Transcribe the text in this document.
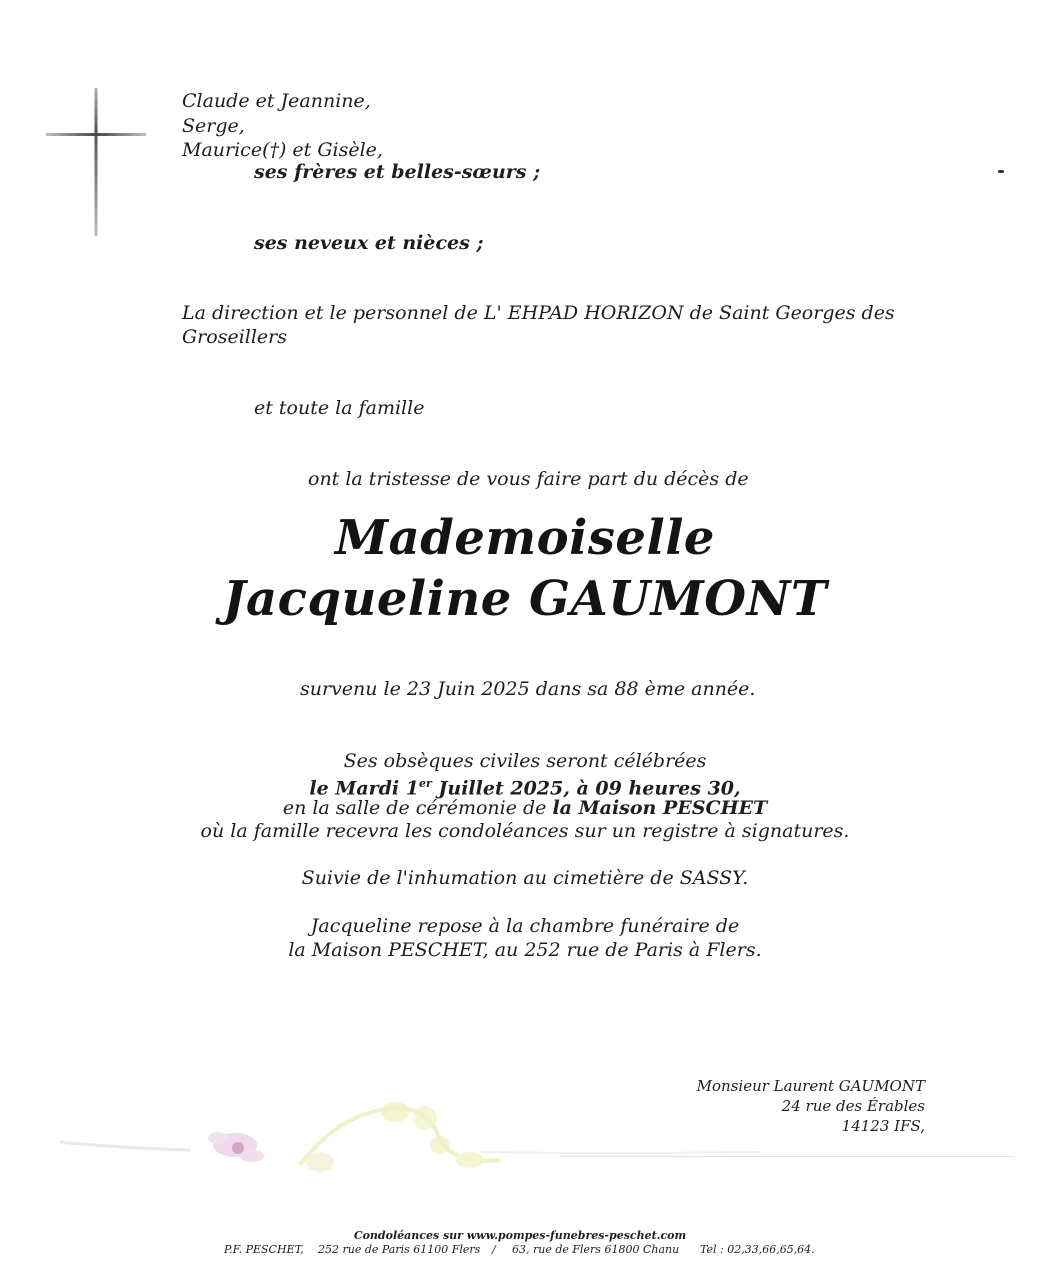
Claude et Jeannine,
Serge,
Maurice(†) et Gisèle,
ses frères et belles-sœurs ;
ses neveux et nièces ;
La direction et le personnel de L' EHPAD HORIZON de Saint Georges des
Groseillers
et toute la famille
ont la tristesse de vous faire part du décès de
Mademoiselle
Jacqueline GAUMONT
survenu le 23 Juin 2025 dans sa 88 ème année.
Ses obsèques civiles seront célébrées
le Mardi 1er Juillet 2025, à 09 heures 30,
en la salle de cérémonie de la Maison PESCHET
où la famille recevra les condoléances sur un registre à signatures.
Suivie de l'inhumation au cimetière de SASSY.
Jacqueline repose à la chambre funéraire de
la Maison PESCHET, au 252 rue de Paris à Flers.
Monsieur Laurent GAUMONT
24 rue des Érables
14123 IFS,
Condoléances sur www.pompes-funebres-peschet.com
P.F. PESCHET, 252 rue de Paris 61100 Flers / 63, rue de Flers 61800 Chanu Tel : 02,33,66,65,64.
